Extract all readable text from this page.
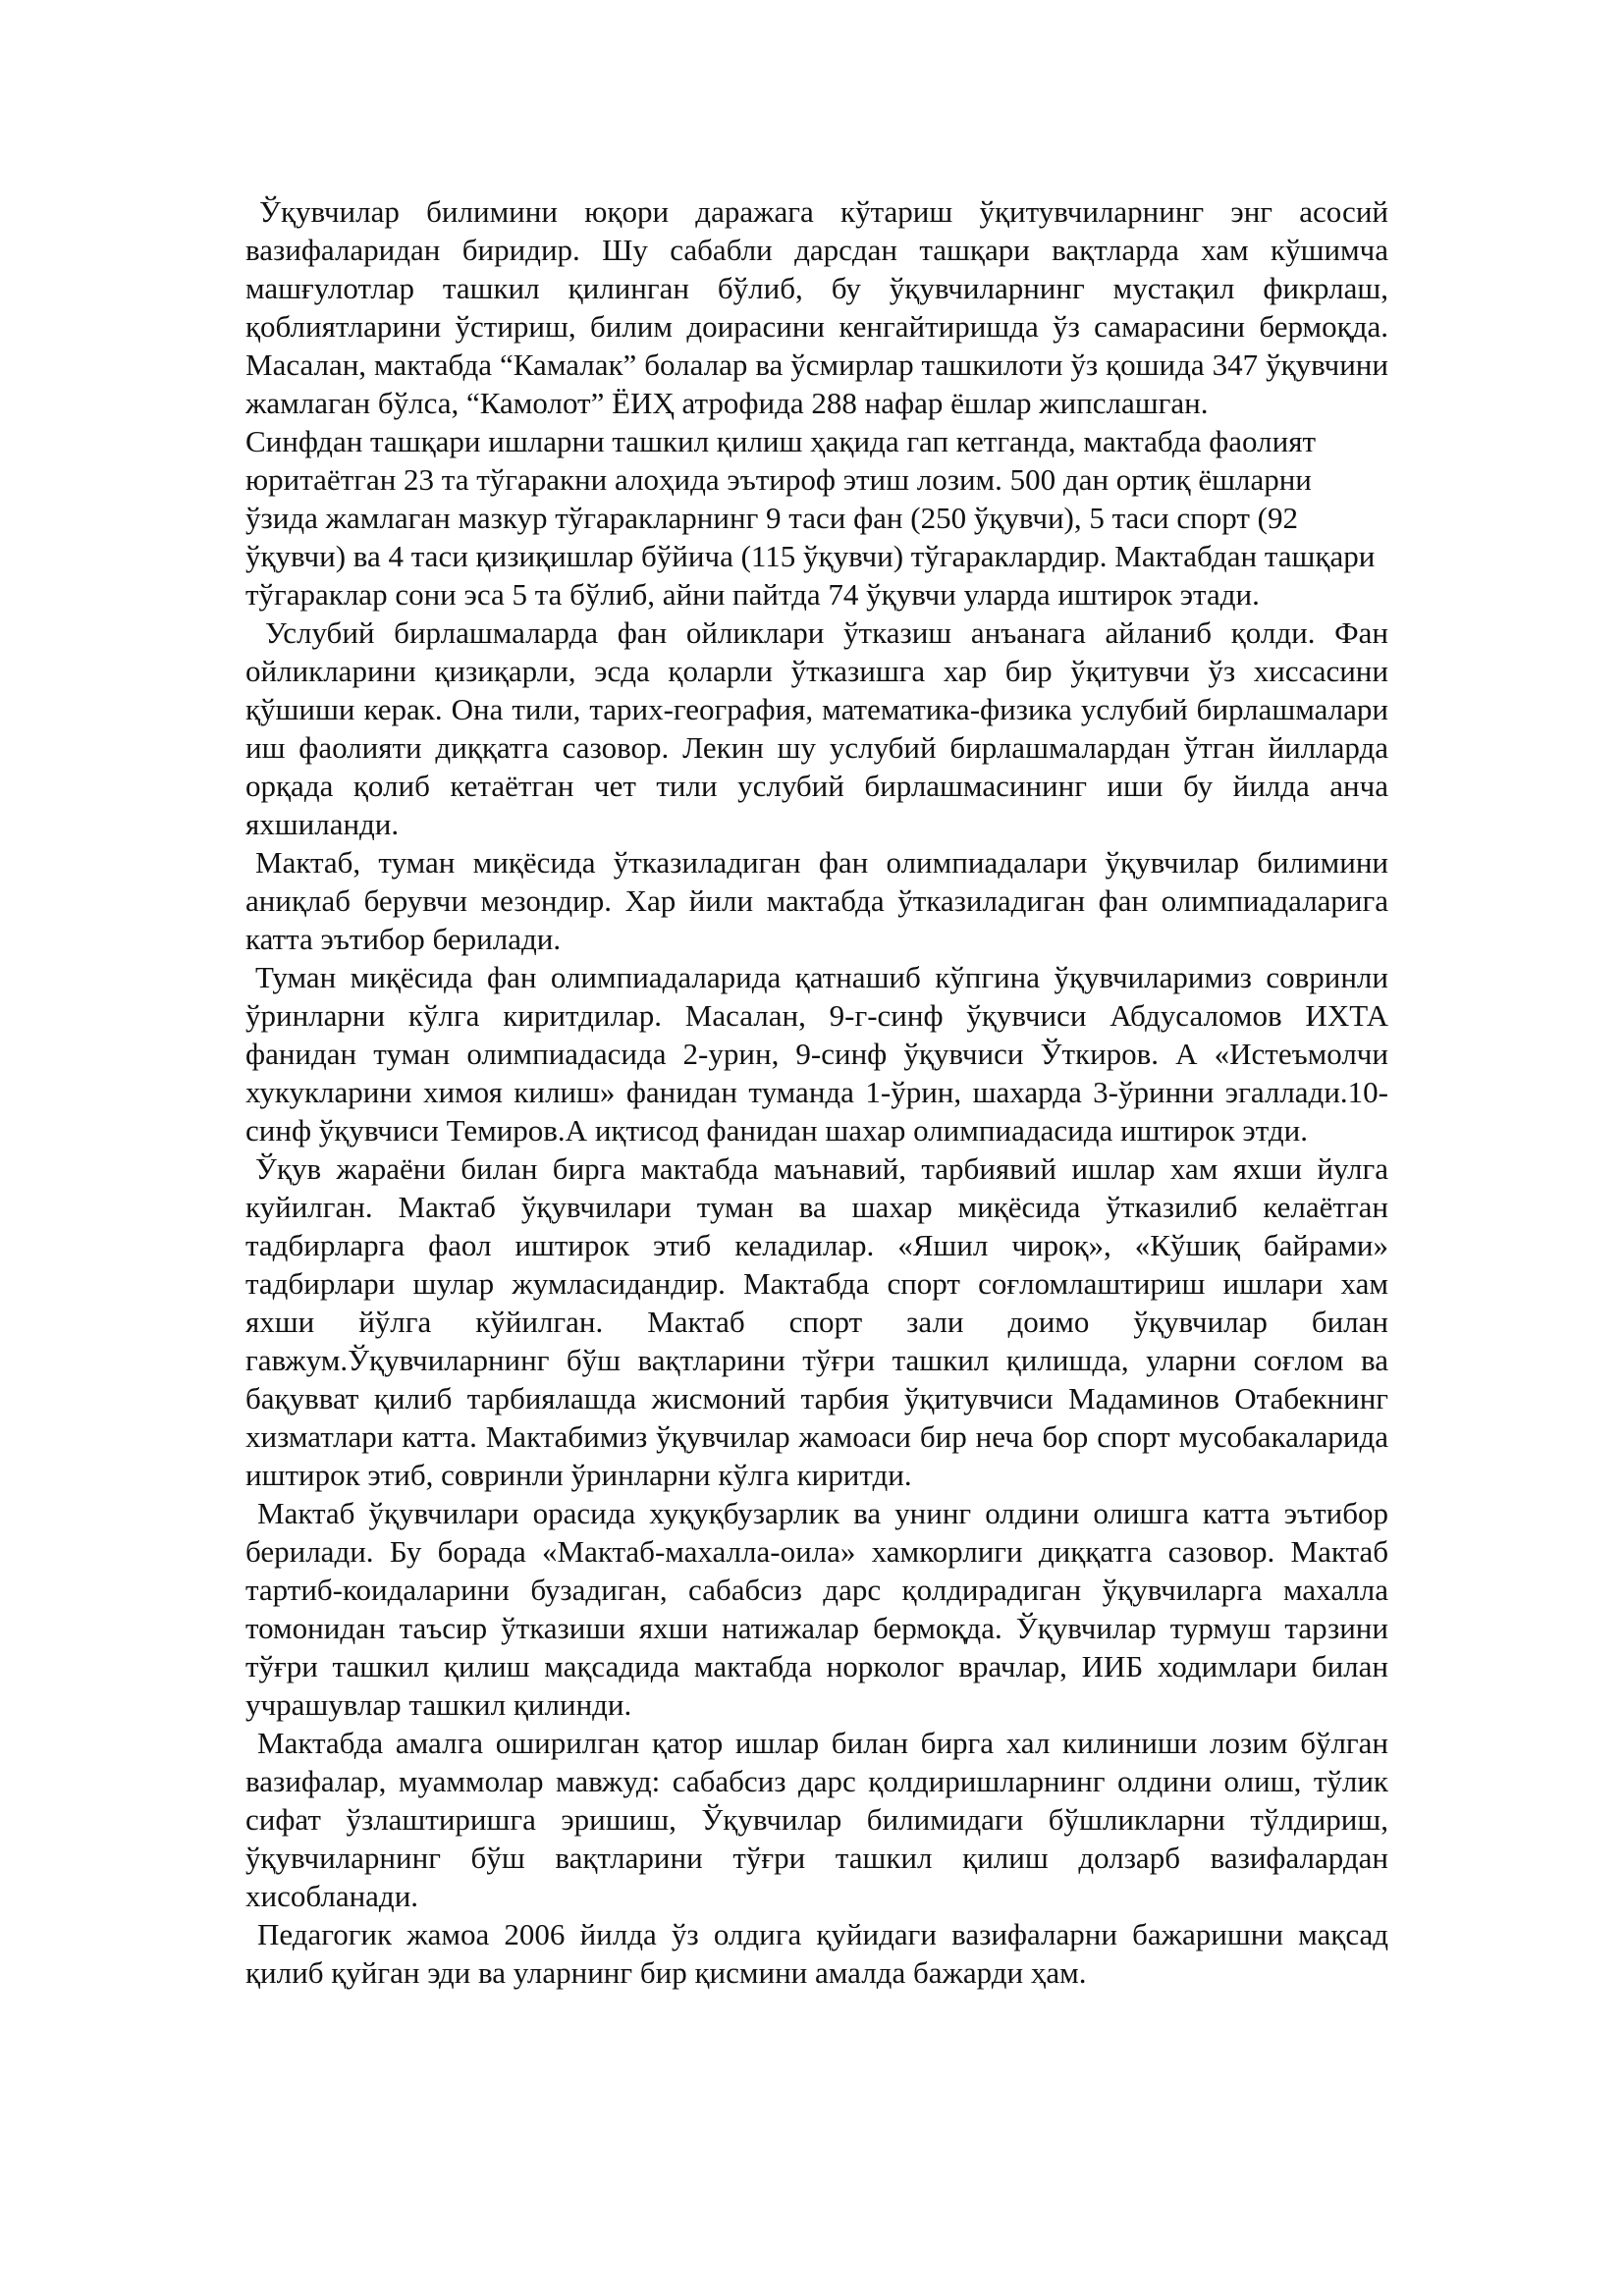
Ўқувчилар билимини юқори даражага кўтариш ўқитувчиларнинг энг асосий вазифаларидан биридир. Шу сабабли дарсдан ташқари вақтларда хам кўшимча машғулотлар ташкил қилинган бўлиб, бу ўқувчиларнинг мустақил фикрлаш, қоблиятларини ўстириш, билим доирасини кенгайтиришда ўз самарасини бермоқда. Масалан, мактабда “Камалак” болалар ва ўсмирлар ташкилоти ўз қошида 347 ўқувчини жамлаган бўлса, “Камолот” ЁИҲ атрофида 288 нафар ёшлар жипслашган.

Синфдан ташқари ишларни ташкил қилиш ҳақида гап кетганда, мактабда фаолият юритаётган 23 та тўгаракни алоҳида эътироф этиш лозим. 500 дан ортиқ ёшларни ўзида жамлаган мазкур тўгаракларнинг 9 таси фан (250 ўқувчи), 5 таси спорт (92 ўқувчи) ва 4 таси қизиқишлар бўйича (115 ўқувчи) тўгараклардир. Мактабдан ташқари тўгараклар сони эса 5 та бўлиб, айни пайтда 74 ўқувчи уларда иштирок этади.

Услубий бирлашмаларда фан ойликлари ўтказиш анъанага айланиб қолди. Фан ойликларини қизиқарли, эсда қоларли ўтказишга хар бир ўқитувчи ўз хиссасини қўшиши керак. Она тили, тарих-география, математика-физика услубий бирлашмалари иш фаолияти диққатга сазовор. Лекин шу услубий бирлашмалардан ўтган йилларда орқада қолиб кетаётган чет тили услубий бирлашмасининг иши бу йилда анча яхшиланди.

Мактаб, туман миқёсида ўтказиладиган фан олимпиадалари ўқувчилар билимини аниқлаб берувчи мезондир. Хар йили мактабда ўтказиладиган фан олимпиадаларига катта эътибор берилади.

Туман миқёсида фан олимпиадаларида қатнашиб кўпгина ўқувчиларимиз совринли ўринларни кўлга киритдилар. Масалан, 9-г-синф ўқувчиси Абдусаломов ИХТА фанидан туман олимпиадасида 2-урин, 9-синф ўқувчиси Ўткиров. А «Истеъмолчи хукукларини химоя килиш» фанидан туманда 1-ўрин, шахарда 3-ўринни эгаллади.10-синф ўқувчиси Темиров.А иқтисод фанидан шахар олимпиадасида иштирок этди.

Ўқув жараёни билан бирга мактабда маънавий, тарбиявий ишлар хам яхши йулга куйилган. Мактаб ўқувчилари туман ва шахар миқёсида ўтказилиб келаётган тадбирларга фаол иштирок этиб келадилар. «Яшил чироқ», «Кўшиқ байрами» тадбирлари шулар жумласидандир. Мактабда спорт соғломлаштириш ишлари хам яхши йўлга кўйилган. Мактаб спорт зали доимо ўқувчилар билан гавжум.Ўқувчиларнинг бўш вақтларини тўғри ташкил қилишда, уларни соғлом ва бақувват қилиб тарбиялашда жисмоний тарбия ўқитувчиси Мадаминов Отабекнинг хизматлари катта. Мактабимиз ўқувчилар жамоаси бир неча бор спорт мусобакаларида иштирок этиб, совринли ўринларни кўлга киритди.

Мактаб ўқувчилари орасида хуқуқбузарлик ва унинг олдини олишга катта эътибор берилади. Бу борада «Мактаб-махалла-оила» хамкорлиги диққатга сазовор. Мактаб тартиб-коидаларини бузадиган, сабабсиз дарс қолдирадиган ўқувчиларга махалла томонидан таъсир ўтказиши яхши натижалар бермоқда. Ўқувчилар турмуш тарзини тўғри ташкил қилиш мақсадида мактабда норколог врачлар, ИИБ ходимлари билан учрашувлар ташкил қилинди.

Мактабда амалга оширилган қатор ишлар билан бирга хал килиниши лозим бўлган вазифалар, муаммолар мавжуд: сабабсиз дарс қолдиришларнинг олдини олиш, тўлик сифат ўзлаштиришга эришиш, Ўқувчилар билимидаги бўшликларни тўлдириш, ўқувчиларнинг бўш вақтларини тўғри ташкил қилиш долзарб вазифалардан хисобланади.

Педагогик жамоа 2006 йилда ўз олдига қуйидаги вазифаларни бажаришни мақсад қилиб қуйган эди ва уларнинг бир қисмини амалда бажарди ҳам.
